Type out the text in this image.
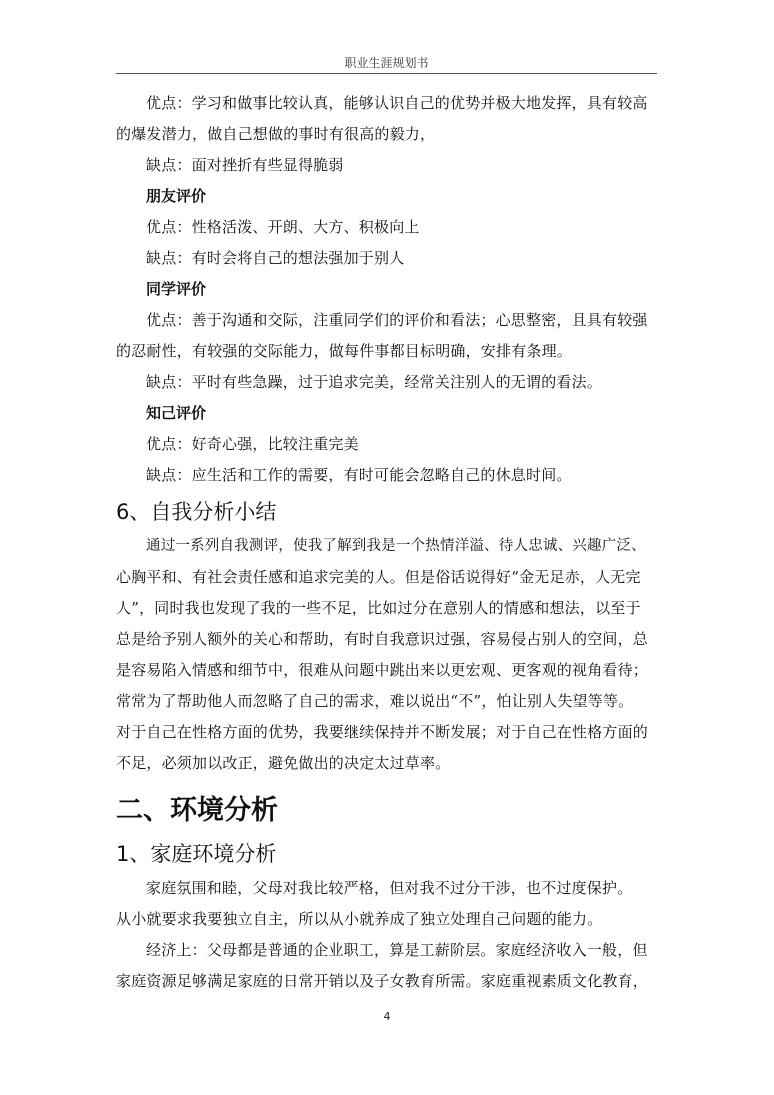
职业生涯规划书

优点：学习和做事比较认真，能够认识自己的优势并极大地发挥，具有较高

的爆发潜力，做自己想做的事时有很高的毅力，

缺点：面对挫折有些显得脆弱

朋友评价

优点：性格活泼、开朗、大方、积极向上

缺点：有时会将自己的想法强加于别人

同学评价

优点：善于沟通和交际，注重同学们的评价和看法；心思整密，且具有较强

的忍耐性，有较强的交际能力，做每件事都目标明确，安排有条理。

缺点：平时有些急躁，过于追求完美，经常关注别人的无谓的看法。

知己评价

优点：好奇心强，比较注重完美

缺点：应生活和工作的需要，有时可能会忽略自己的休息时间。

6、自我分析小结

通过一系列自我测评，使我了解到我是一个热情洋溢、待人忠诚、兴趣广泛、

心胸平和、有社会责任感和追求完美的人。但是俗话说得好“金无足赤，人无完

人”，同时我也发现了我的一些不足，比如过分在意别人的情感和想法，以至于

总是给予别人额外的关心和帮助，有时自我意识过强，容易侵占别人的空间，总

是容易陷入情感和细节中，很难从问题中跳出来以更宏观、更客观的视角看待；

常常为了帮助他人而忽略了自己的需求，难以说出“不”，怕让别人失望等等。

对于自己在性格方面的优势，我要继续保持并不断发展；对于自己在性格方面的

不足，必须加以改正，避免做出的决定太过草率。

二、环境分析

1、家庭环境分析

家庭氛围和睦，父母对我比较严格，但对我不过分干涉，也不过度保护。

从小就要求我要独立自主，所以从小就养成了独立处理自己问题的能力。

经济上：父母都是普通的企业职工，算是工薪阶层。家庭经济收入一般，但

家庭资源足够满足家庭的日常开销以及子女教育所需。家庭重视素质文化教育，

4
